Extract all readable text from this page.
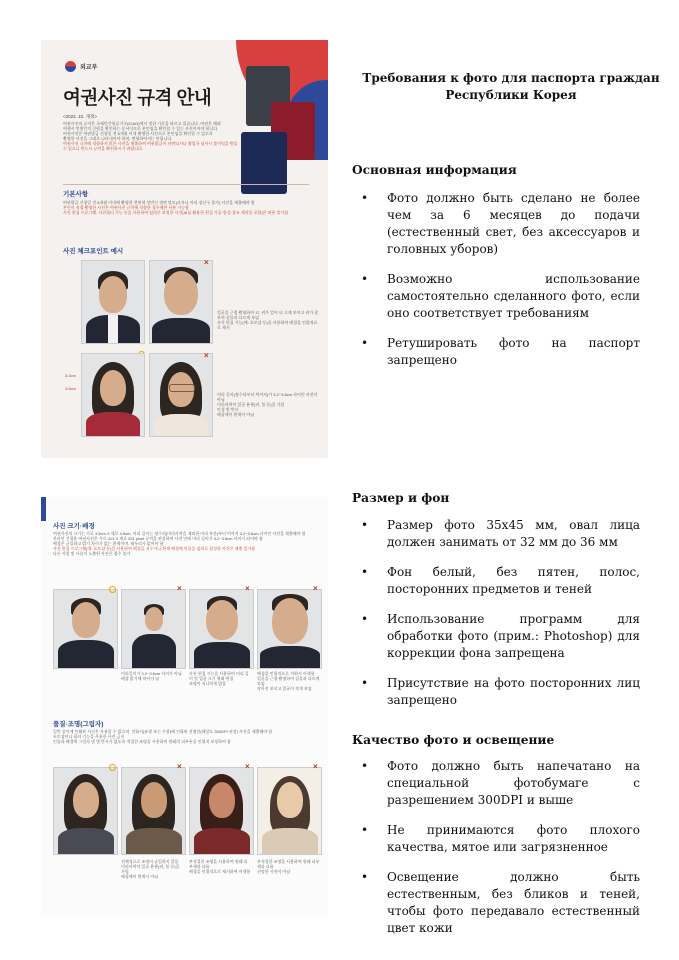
외교부
여권사진 규격 안내
<2022. 10. 개정>
여권사진의 규격은 국제민간항공기구(ICAO)에서 정한 기준을 따르고 있습니다. 여권은 해외
여행시 민원인의 신원을 확인하는 문서이므로 본인임을 확인할 수 있는 사진이어야 합니다.
여권사진은 여권발급 신청일 전 6개월 이내 촬영한 사진으로 본인임을 확인할 수 있도록
촬영한 사진을 그대로 나타내어야 하며, 변형하여서는 안됩니다.
여권사진 규격에 적합하지 않은 사진을 제출하여 여권발급이 지연되거나 출입국 심사시 불이익을 받을 수 있으니 반드시 규격을 확인하시기 바랍니다.
기본사항
여권발급 신청일 전 6개월 이내에 촬영한 천연색 상반신 정면 탈모(모자나 머리 장신구 불가) 사진을 제출해야 함
본인이 직접 촬영한 사진은 여권사진 규격에 적합한 경우에만 사용 가능함
사진 편집 프로그램, 사진필터 기능 등을 사용하여 임의로 보정한 사진(AI를 활용한 편집 가공·합성·창조 제작물 포함)은 허용 불가함
사진 체크포인트 예시
×
얼굴을 근접 촬영하여 코, 귀가 얼어 더 크게 보이고 귀가 잘 보여 실물과 다르게 보임
사진 편집 기능(예: 포토샵 등)을 사용하여 배경을 인위적으로 제거
×
3.2cm
3.6cm
머리 길이(정수리부터 턱까지)가 3.2~3.6cm 사이인 사진이 아님
머리카락이 얼굴 윤곽(귀, 볼 등)을 가림
안경 빛 반사
배경색이 흰색이 아님
사진 크기·배경
여권사진의 크기는 가로 3.5cm X 세로 4.5cm, 머리 길이는 정수리(머리카락을 제외한 머리 부분)부터 턱까지 3.2~3.6cm 사이인 사진을 제출해야 함
온라인 신청용 여권사진은 가로 413 X 세로 531 pixel 규격을 권장하며 사진 안에 머리 길이가 3.2~3.6cm 사이가 되어야 함
배경은 균일하고 밝기 차이가 없는 흰색이며, 테두리가 없어야 함
사진 편집 프로그램(예: 포토샵 등)을 사용하여 배경을 지우거나 흰색 배경에 인물을 임의로 합성한 사진은 제출 불가함
다른 사람 및 사물이 노출된 사진은 접수 불가
×	×	×
머리길이가 3.2~3.6cm 사이가 아님
배경 밝기에 차이가 남
사진 편집 기능을 사용하여 머리 길이 및 얼굴 크기 형태 변경
조명이 지나치게 밝음
배경을 인위적으로 지워서 어색함
얼굴을 근접 촬영하여 실물과 다르게 보임
작아진 보이고 얼굴이 작게 보임
품질·조명(그림자)
일반 종이에 인쇄된 사진은 사용할 수 없으며, 인화지(유광 또는 무광)에 인화된 선명한(해상도 300DPI 권장) 사진을 제출해야 함
포토샵이나 필터 기능을 사용한 사진 금지
인물과 배경에 그림자 및 빛 반사가 없도록 적절한 조명을 사용하여 원래의 피부톤을 인위적 보정하여 함
×	×	×
전체적으로 조명이 균일하지 않음
머리카락이 얼굴 윤곽(귀, 볼 등)을 가림
배경색이 흰색이 아님
부적절한 조명을 사용하여 원래 피부색과 다름
배경을 인위적으로 제거하여 어색함
부적절한 조명을 사용하여 원래 피부색과 다름
선명한 사진이 아님
Требования к фото для паспорта граждан Республики Корея
Основная информация
• Фото должно быть сделано не более чем за 6 месяцев до подачи (естественный свет, без аксессуаров и головных уборов)
• Возможно использование самостоятельно сделанного фото, если оно соответствует требованиям
• Ретушировать фото на паспорт запрещено
Размер и фон
• Размер фото 35х45 мм, овал лица должен занимать от 32 мм до 36 мм
• Фон белый, без пятен, полос, посторонних предметов и теней
• Использование программ для обработки фото (прим.: Photoshop) для коррекции фона запрещена
• Присутствие на фото посторонних лиц запрещено
Качество фото и освещение
• Фото должно быть напечатано на специальной фотобумаге с разрешением 300DPI и выше
• Не принимаются фото плохого качества, мятое или загрязненное
• Освещение должно быть естественным, без бликов и теней, чтобы фото передавало естественный цвет кожи
